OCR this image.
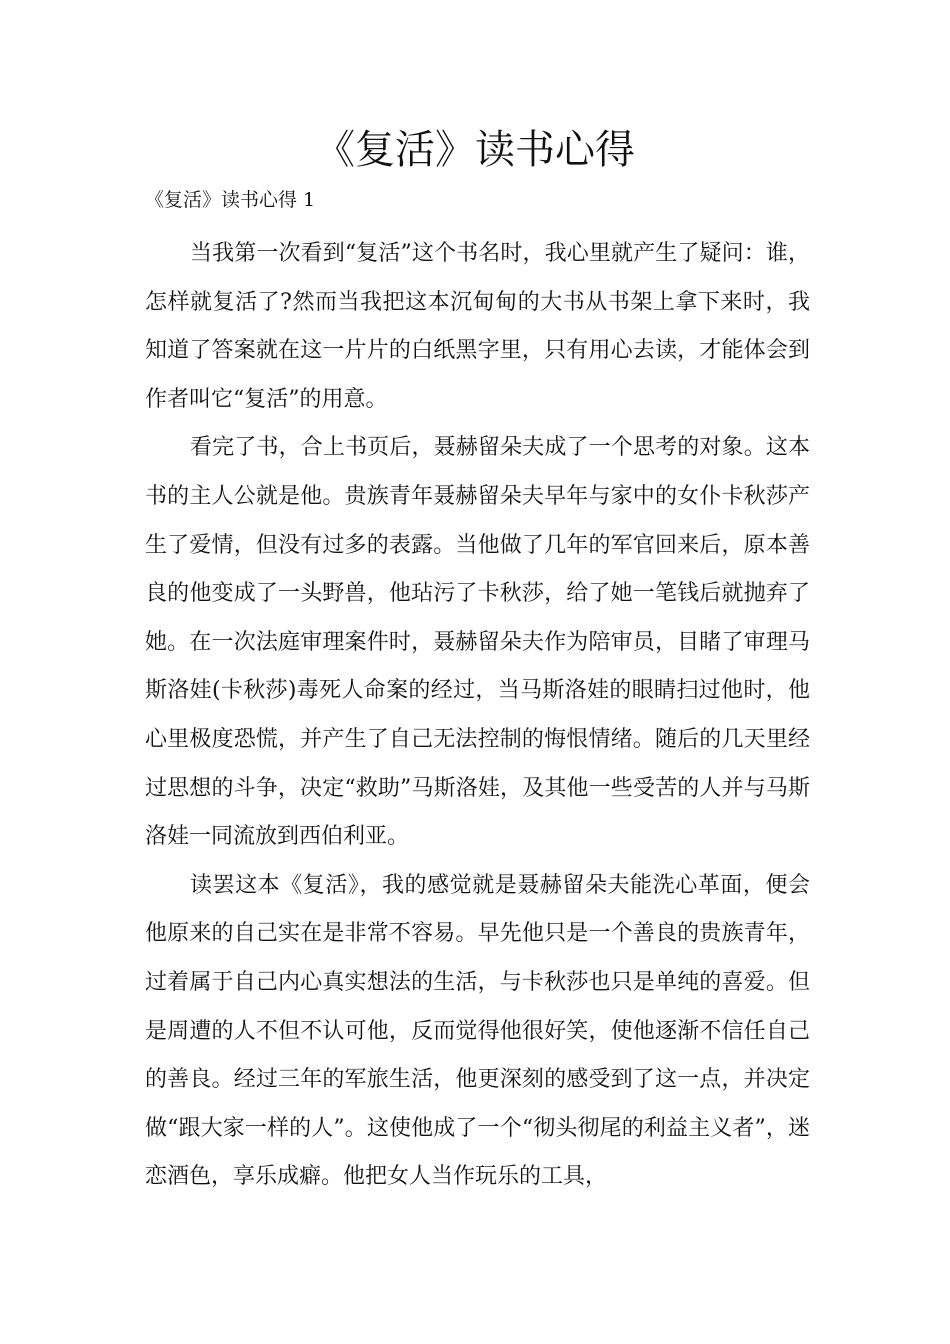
《复活》读书心得

《复活》读书心得 1

当我第一次看到“复活”这个书名时，我心里就产生了疑问：谁，怎样就复活了?然而当我把这本沉甸甸的大书从书架上拿下来时，我知道了答案就在这一片片的白纸黑字里，只有用心去读，才能体会到作者叫它“复活”的用意。

看完了书，合上书页后，聂赫留朵夫成了一个思考的对象。这本书的主人公就是他。贵族青年聂赫留朵夫早年与家中的女仆卡秋莎产生了爱情，但没有过多的表露。当他做了几年的军官回来后，原本善良的他变成了一头野兽，他玷污了卡秋莎，给了她一笔钱后就抛弃了她。在一次法庭审理案件时，聂赫留朵夫作为陪审员，目睹了审理马斯洛娃(卡秋莎)毒死人命案的经过，当马斯洛娃的眼睛扫过他时，他心里极度恐慌，并产生了自己无法控制的悔恨情绪。随后的几天里经过思想的斗争，决定“救助”马斯洛娃，及其他一些受苦的人并与马斯洛娃一同流放到西伯利亚。

读罢这本《复活》，我的感觉就是聂赫留朵夫能洗心革面，便会他原来的自己实在是非常不容易。早先他只是一个善良的贵族青年，过着属于自己内心真实想法的生活，与卡秋莎也只是单纯的喜爱。但是周遭的人不但不认可他，反而觉得他很好笑，使他逐渐不信任自己的善良。经过三年的军旅生活，他更深刻的感受到了这一点，并决定做“跟大家一样的人”。这使他成了一个“彻头彻尾的利益主义者”，迷恋酒色，享乐成癖。他把女人当作玩乐的工具，
